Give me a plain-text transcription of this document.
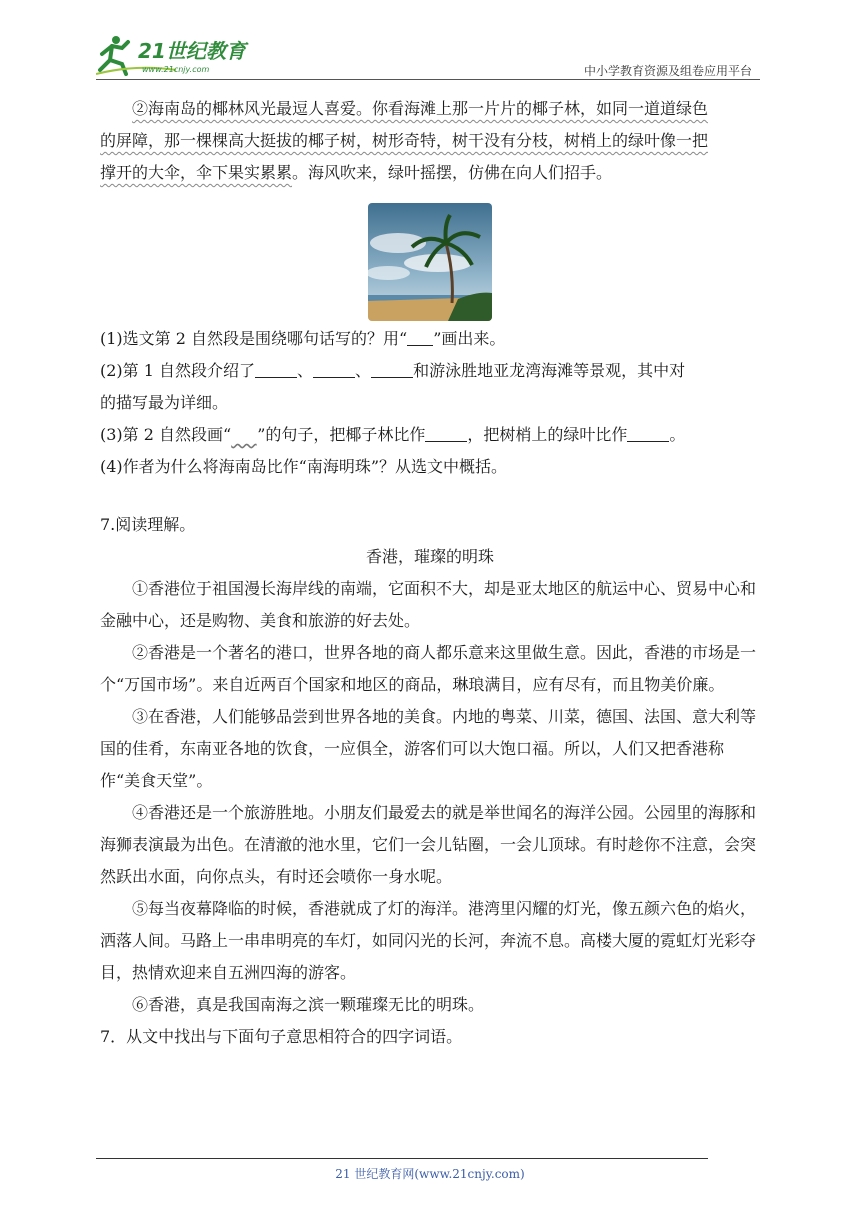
21世纪教育
www.21cnjy.com	中小学教育资源及组卷应用平台

②海南岛的椰林风光最逗人喜爱。你看海滩上那一片片的椰子林，如同一道道绿色

的屏障，那一棵棵高大挺拔的椰子树，树形奇特，树干没有分枝，树梢上的绿叶像一把

撑开的大伞，伞下果实累累。海风吹来，绿叶摇摆，仿佛在向人们招手。

(1)选文第 2 自然段是围绕哪句话写的？用“ ”画出来。

(2)第 1 自然段介绍了	、	、	和游泳胜地亚龙湾海滩等景观，其中对

的描写最为详细。

(3)第 2 自然段画“ ”的句子，把椰子林比作	，把树梢上的绿叶比作	。

(4)作者为什么将海南岛比作“南海明珠”？从选文中概括。

7.阅读理解。

香港，璀璨的明珠

①香港位于祖国漫长海岸线的南端，它面积不大，却是亚太地区的航运中心、贸易中心和金融中心，还是购物、美食和旅游的好去处。

②香港是一个著名的港口，世界各地的商人都乐意来这里做生意。因此，香港的市场是一个“万国市场”。来自近两百个国家和地区的商品，琳琅满目，应有尽有，而且物美价廉。

③在香港，人们能够品尝到世界各地的美食。内地的粤菜、川菜，德国、法国、意大利等国的佳肴，东南亚各地的饮食，一应俱全，游客们可以大饱口福。所以，人们又把香港称作“美食天堂”。

④香港还是一个旅游胜地。小朋友们最爱去的就是举世闻名的海洋公园。公园里的海豚和海狮表演最为出色。在清澈的池水里，它们一会儿钻圈，一会儿顶球。有时趁你不注意，会突然跃出水面，向你点头，有时还会喷你一身水呢。

⑤每当夜幕降临的时候，香港就成了灯的海洋。港湾里闪耀的灯光，像五颜六色的焰火，洒落人间。马路上一串串明亮的车灯，如同闪光的长河，奔流不息。高楼大厦的霓虹灯光彩夺目，热情欢迎来自五洲四海的游客。

⑥香港，真是我国南海之滨一颗璀璨无比的明珠。

7．从文中找出与下面句子意思相符合的四字词语。

21 世纪教育网(www.21cnjy.com)
